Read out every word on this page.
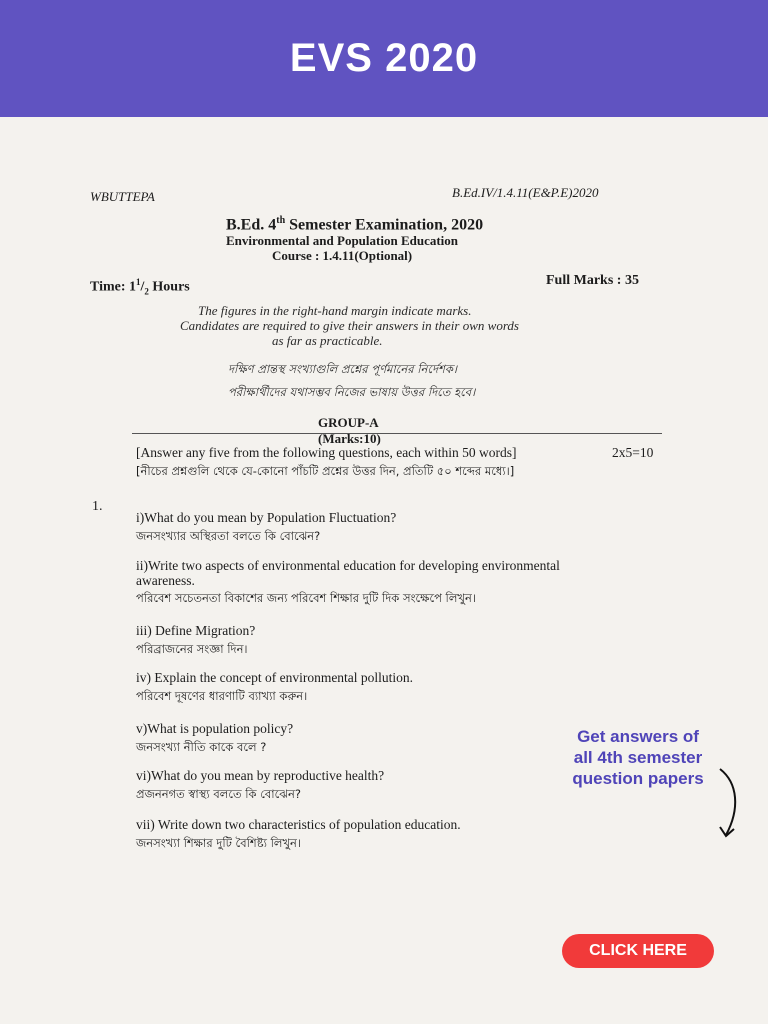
EVS 2020
WBUTTEPA	B.Ed.IV/1.4.11(E&P.E)2020
B.Ed. 4th Semester Examination, 2020
Environmental and Population Education
Course : 1.4.11(Optional)
Time: $1^1/_2$ Hours	Full Marks : 35
The figures in the right-hand margin indicate marks.
Candidates are required to give their answers in their own words
as far as practicable.
দক্ষিণ প্রান্তস্থ সংখ্যাগুলি প্রশ্নের পূর্ণমানের নির্দেশক।
পরীক্ষার্থীদের যথাসম্ভব নিজের ভাষায় উত্তর দিতে হবে।
GROUP-A
(Marks:10)
[Answer any five from the following questions, each within 50 words]	2x5=10
[নীচের প্রশ্নগুলি থেকে যে-কোনো পাঁচটি প্রশ্নের উত্তর দিন, প্রতিটি ৫০ শব্দের মধ্যে।]
1.
i)What do you mean by Population Fluctuation?
জনসংখ্যার অস্থিরতা বলতে কি বোঝেন?
ii)Write two aspects of environmental education for developing environmental
awareness.
পরিবেশ সচেতনতা বিকাশের জন্য পরিবেশ শিক্ষার দুটি দিক সংক্ষেপে লিখুন।
iii) Define Migration?
পরিব্রাজনের সংজ্ঞা দিন।
iv) Explain the concept of environmental pollution.
পরিবেশ দূষণের ধারণাটি ব্যাখ্যা করুন।
v)What is population policy?
জনসংখ্যা নীতি কাকে বলে ?
vi)What do you mean by reproductive health?
প্রজননগত স্বাস্থ্য বলতে কি বোঝেন?
vii) Write down two characteristics of population education.
জনসংখ্যা শিক্ষার দুটি বৈশিষ্ট্য লিখুন।
Get answers of
all 4th semester
question papers
CLICK HERE
